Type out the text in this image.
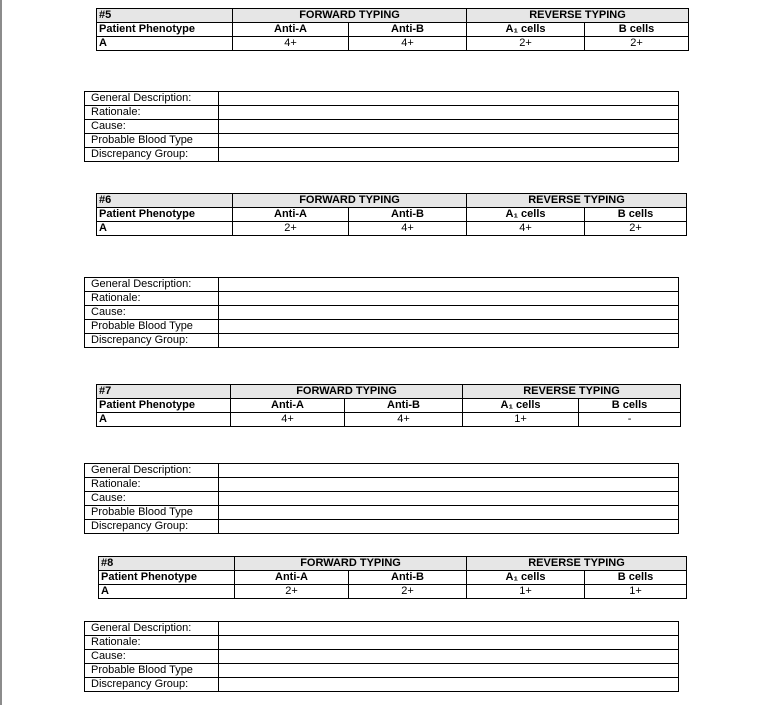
#5	FORWARD TYPING		REVERSE TYPING	
Patient Phenotype	Anti-A	Anti-B	A₁ cells	B cells
A	4+	4+	2+	2+
General Description:	
Rationale:	
Cause:	
Probable Blood Type	
Discrepancy Group:	
#6	FORWARD TYPING		REVERSE TYPING	
Patient Phenotype	Anti-A	Anti-B	A₁ cells	B cells
A	2+	4+	4+	2+
General Description:	
Rationale:	
Cause:	
Probable Blood Type	
Discrepancy Group:	
#7	FORWARD TYPING		REVERSE TYPING	
Patient Phenotype	Anti-A	Anti-B	A₁ cells	B cells
A	4+	4+	1+	-
General Description:	
Rationale:	
Cause:	
Probable Blood Type	
Discrepancy Group:	
#8	FORWARD TYPING		REVERSE TYPING	
Patient Phenotype	Anti-A	Anti-B	A₁ cells	B cells
A	2+	2+	1+	1+
General Description:	
Rationale:	
Cause:	
Probable Blood Type	
Discrepancy Group:	
